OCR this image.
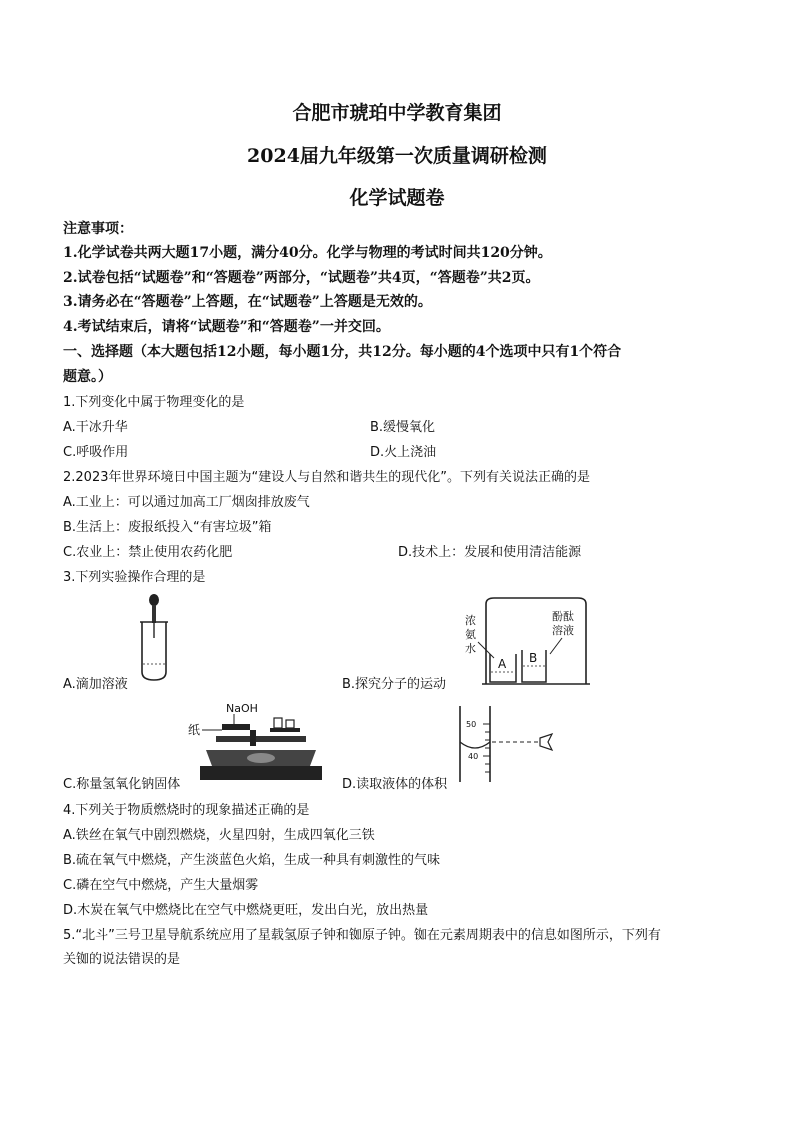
合肥市琥珀中学教育集团
2024届九年级第一次质量调研检测
化学试题卷
注意事项：
1.化学试卷共两大题17小题，满分40分。化学与物理的考试时间共120分钟。
2.试卷包括“试题卷”和“答题卷”两部分，“试题卷”共4页，“答题卷”共2页。
3.请务必在“答题卷”上答题，在“试题卷”上答题是无效的。
4.考试结束后，请将“试题卷”和“答题卷”一并交回。
一、选择题（本大题包括12小题，每小题1分，共12分。每小题的4个选项中只有1个符合
题意。）
1.下列变化中属于物理变化的是
A.干冰升华	B.缓慢氧化
C.呼吸作用	D.火上浇油
2.2023年世界环境日中国主题为“建设人与自然和谐共生的现代化”。下列有关说法正确的是
A.工业上：可以通过加高工厂烟囱排放废气
B.生活上：废报纸投入“有害垃圾”箱
C.农业上：禁止使用农药化肥	D.技术上：发展和使用清洁能源
3.下列实验操作合理的是
A.滴加溶液
浓
氨
水
酚酞
溶液
A B
B.探究分子的运动
NaOH
纸
C.称量氢氧化钠固体
50
40
D.读取液体的体积
4.下列关于物质燃烧时的现象描述正确的是
A.铁丝在氧气中剧烈燃烧，火星四射，生成四氧化三铁
B.硫在氧气中燃烧，产生淡蓝色火焰，生成一种具有刺激性的气味
C.磷在空气中燃烧，产生大量烟雾
D.木炭在氧气中燃烧比在空气中燃烧更旺，发出白光，放出热量
5.“北斗”三号卫星导航系统应用了星载氢原子钟和铷原子钟。铷在元素周期表中的信息如图所示，下列有
关铷的说法错误的是
